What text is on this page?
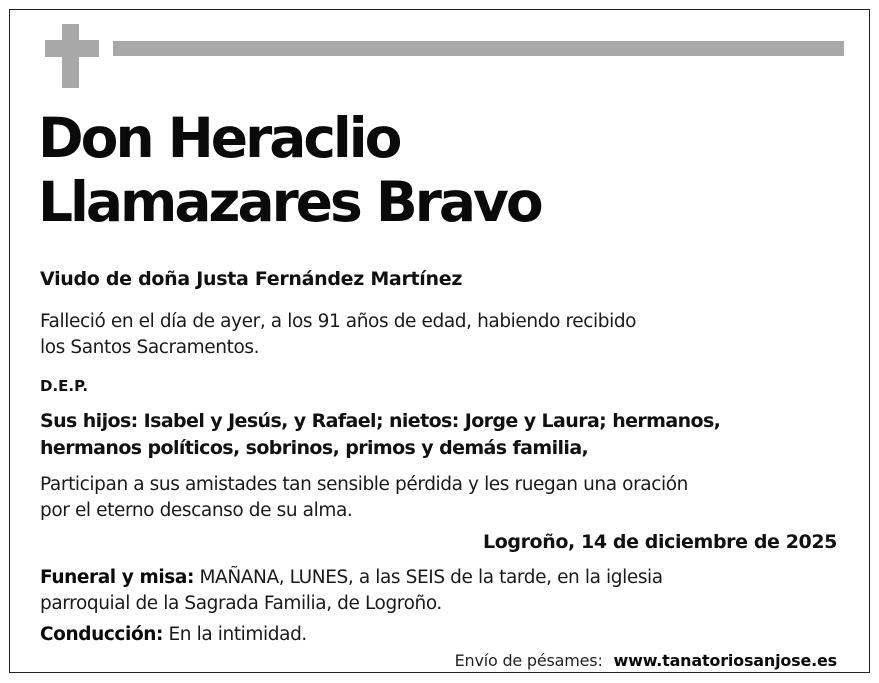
Don Heraclio
Llamazares Bravo
Viudo de doña Justa Fernández Martínez
Falleció en el día de ayer, a los 91 años de edad, habiendo recibido
los Santos Sacramentos.
D.E.P.
Sus hijos: Isabel y Jesús, y Rafael; nietos: Jorge y Laura; hermanos,
hermanos políticos, sobrinos, primos y demás familia,
Participan a sus amistades tan sensible pérdida y les ruegan una oración
por el eterno descanso de su alma.
Logroño, 14 de diciembre de 2025
Funeral y misa: MAÑANA, LUNES, a las SEIS de la tarde, en la iglesia
parroquial de la Sagrada Familia, de Logroño.
Conducción: En la intimidad.
Envío de pésames: www.tanatoriosanjose.es
